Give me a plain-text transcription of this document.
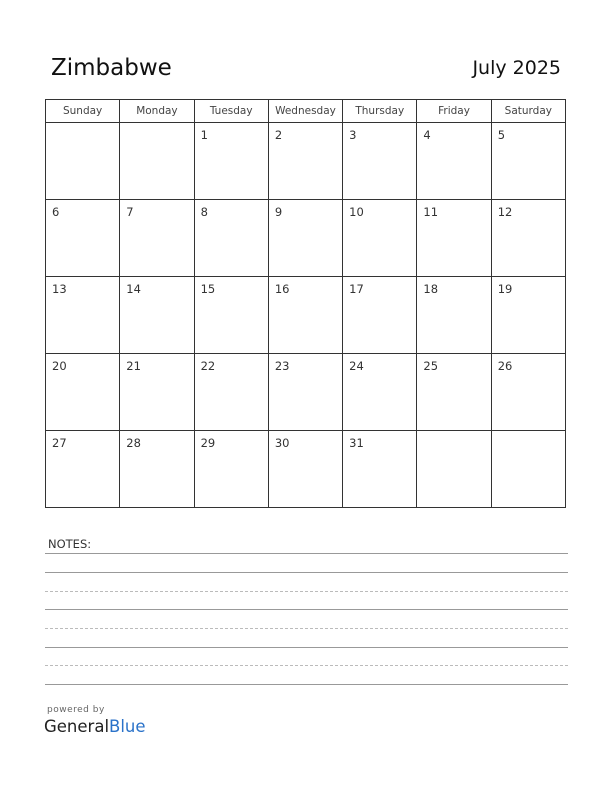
Zimbabwe	July 2025
Sunday	Monday	Tuesday	Wednesday	Thursday	Friday	Saturday

		1	2	3	4	5

6	7	8	9	10	11	12

13	14	15	16	17	18	19

20	21	22	23	24	25	26

27	28	29	30	31		

NOTES:
powered by
GeneralBlue
